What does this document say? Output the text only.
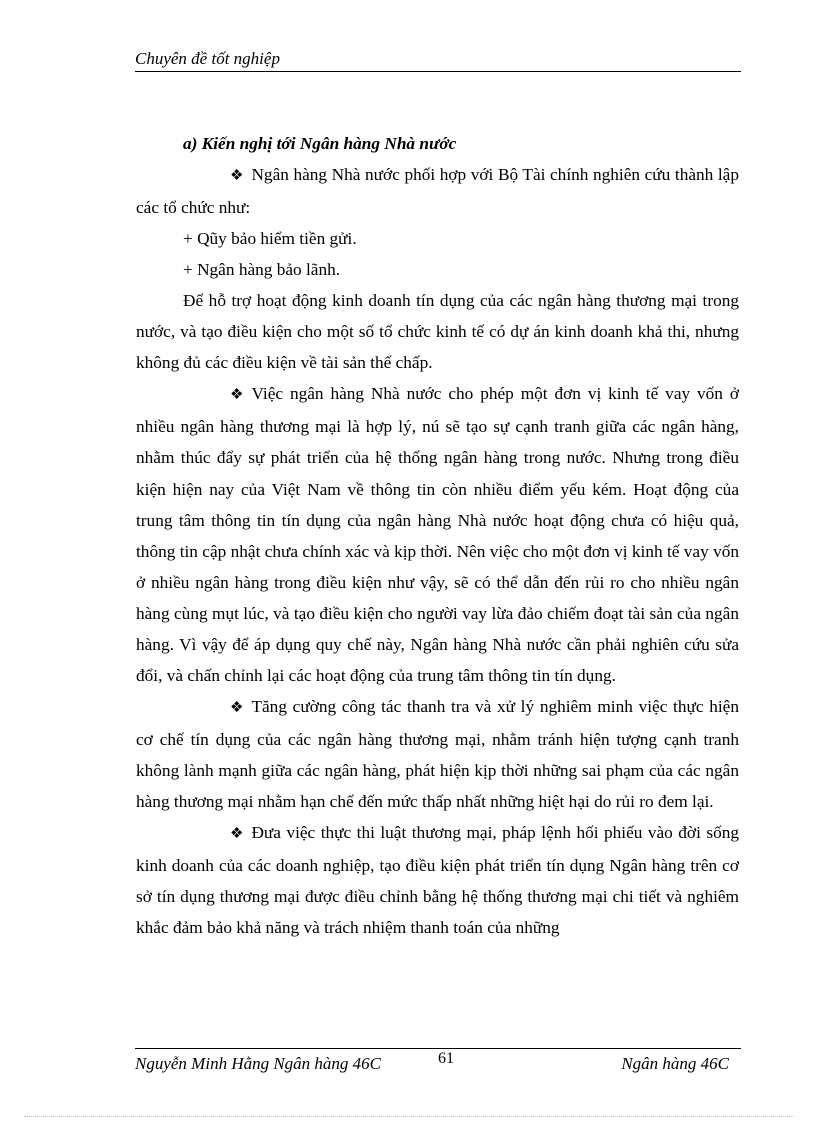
Chuyên đề tốt nghiệp
a) Kiến nghị tới Ngân hàng Nhà nước

❖ Ngân hàng Nhà nước phối hợp với Bộ Tài chính nghiên cứu thành lập các tổ chức như:

+ Qũy bảo hiểm tiền gửi.

+ Ngân hàng bảo lãnh.

Để hỗ trợ hoạt động kinh doanh tín dụng của các ngân hàng thương mại trong nước, và tạo điều kiện cho một số tổ chức kinh tế có dự án kinh doanh khả thi, nhưng không đủ các điều kiện về tài sản thế chấp.

❖ Việc ngân hàng Nhà nước cho phép một đơn vị kinh tế vay vốn ở nhiều ngân hàng thương mại là hợp lý, nú sẽ tạo sự cạnh tranh giữa các ngân hàng, nhằm thúc đẩy sự phát triển của hệ thống ngân hàng trong nước. Nhưng trong điều kiện hiện nay của Việt Nam về thông tin còn nhiều điểm yếu kém. Hoạt động của trung tâm thông tin tín dụng của ngân hàng Nhà nước hoạt động chưa có hiệu quả, thông tin cập nhật chưa chính xác và kịp thời. Nên việc cho một đơn vị kinh tế vay vốn ở nhiều ngân hàng trong điều kiện như vậy, sẽ có thể dẫn đến rủi ro cho nhiều ngân hàng cùng mụt lúc, và tạo điều kiện cho người vay lừa đảo chiếm đoạt tài sản của ngân hàng. Vì vậy để áp dụng quy chế này, Ngân hàng Nhà nước cần phải nghiên cứu sửa đổi, và chấn chỉnh lại các hoạt động của trung tâm thông tin tín dụng.

❖ Tăng cường công tác thanh tra và xử lý nghiêm minh việc thực hiện cơ chế tín dụng của các ngân hàng thương mại, nhằm tránh hiện tượng cạnh tranh không lành mạnh giữa các ngân hàng, phát hiện kịp thời những sai phạm của các ngân hàng thương mại nhằm hạn chế đến mức thấp nhất những hiệt hại do rủi ro đem lại.

❖ Đưa việc thực thi luật thương mại, pháp lệnh hối phiếu vào đời sống kinh doanh của các doanh nghiệp, tạo điều kiện phát triển tín dụng Ngân hàng trên cơ sở tín dụng thương mại được điều chỉnh bằng hệ thống thương mại chi tiết và nghiêm khắc đảm bảo khả năng và trách nhiệm thanh toán của những

Nguyễn Minh Hằng Ngân hàng 46C	61	Ngân hàng 46C
